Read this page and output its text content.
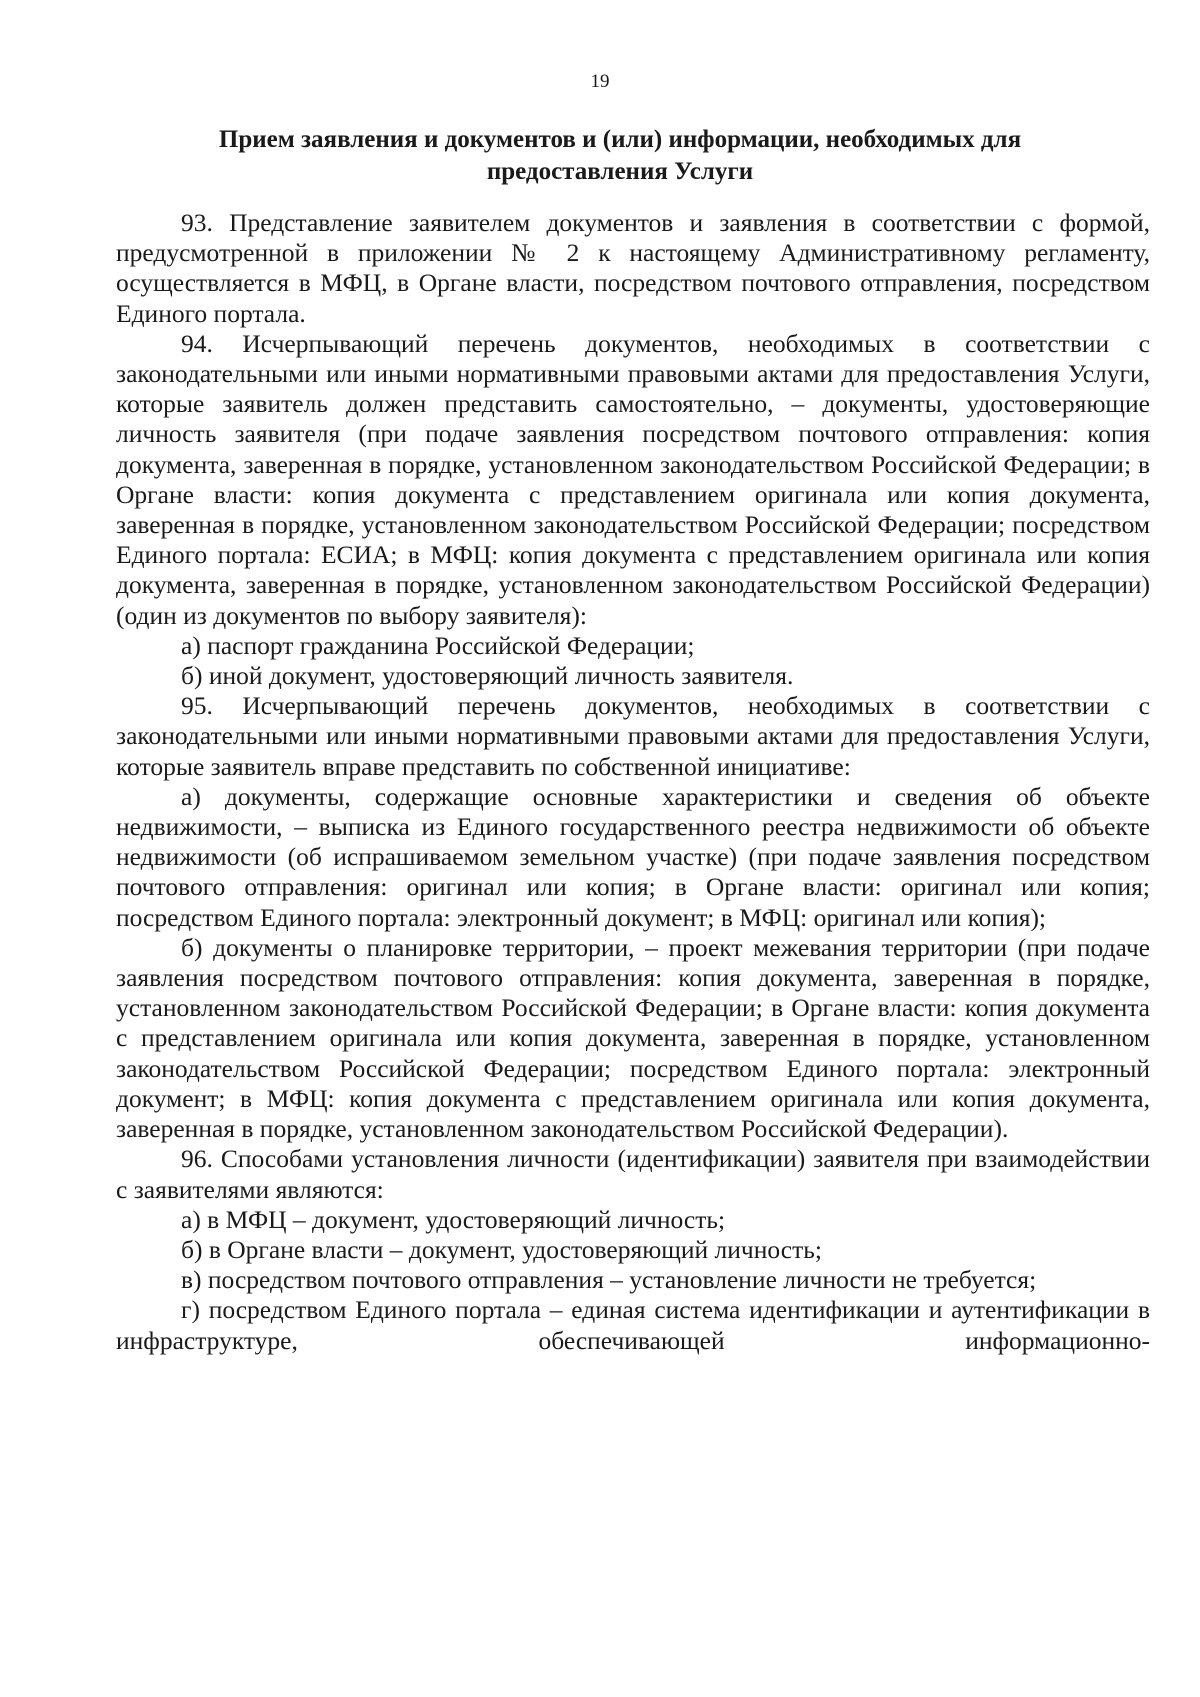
19
Прием заявления и документов и (или) информации, необходимых для
предоставления Услуги

93. Представление заявителем документов и заявления в соответствии с формой, предусмотренной в приложении № 2 к настоящему Административному регламенту, осуществляется в МФЦ, в Органе власти, посредством почтового отправления, посредством Единого портала.

94. Исчерпывающий перечень документов, необходимых в соответствии с законодательными или иными нормативными правовыми актами для предоставления Услуги, которые заявитель должен представить самостоятельно, – документы, удостоверяющие личность заявителя (при подаче заявления посредством почтового отправления: копия документа, заверенная в порядке, установленном законодательством Российской Федерации; в Органе власти: копия документа с представлением оригинала или копия документа, заверенная в порядке, установленном законодательством Российской Федерации; посредством Единого портала: ЕСИА; в МФЦ: копия документа с представлением оригинала или копия документа, заверенная в порядке, установленном законодательством Российской Федерации) (один из документов по выбору заявителя):

а) паспорт гражданина Российской Федерации;

б) иной документ, удостоверяющий личность заявителя.

95. Исчерпывающий перечень документов, необходимых в соответствии с законодательными или иными нормативными правовыми актами для предоставления Услуги, которые заявитель вправе представить по собственной инициативе:

а) документы, содержащие основные характеристики и сведения об объекте недвижимости, – выписка из Единого государственного реестра недвижимости об объекте недвижимости (об испрашиваемом земельном участке) (при подаче заявления посредством почтового отправления: оригинал или копия; в Органе власти: оригинал или копия; посредством Единого портала: электронный документ; в МФЦ: оригинал или копия);

б) документы о планировке территории, – проект межевания территории (при подаче заявления посредством почтового отправления: копия документа, заверенная в порядке, установленном законодательством Российской Федерации; в Органе власти: копия документа с представлением оригинала или копия документа, заверенная в порядке, установленном законодательством Российской Федерации; посредством Единого портала: электронный документ; в МФЦ: копия документа с представлением оригинала или копия документа, заверенная в порядке, установленном законодательством Российской Федерации).

96. Способами установления личности (идентификации) заявителя при взаимодействии с заявителями являются:

а) в МФЦ – документ, удостоверяющий личность;

б) в Органе власти – документ, удостоверяющий личность;

в) посредством почтового отправления – установление личности не требуется;

г) посредством Единого портала – единая система идентификации и аутентификации в инфраструктуре, обеспечивающей информационно-
